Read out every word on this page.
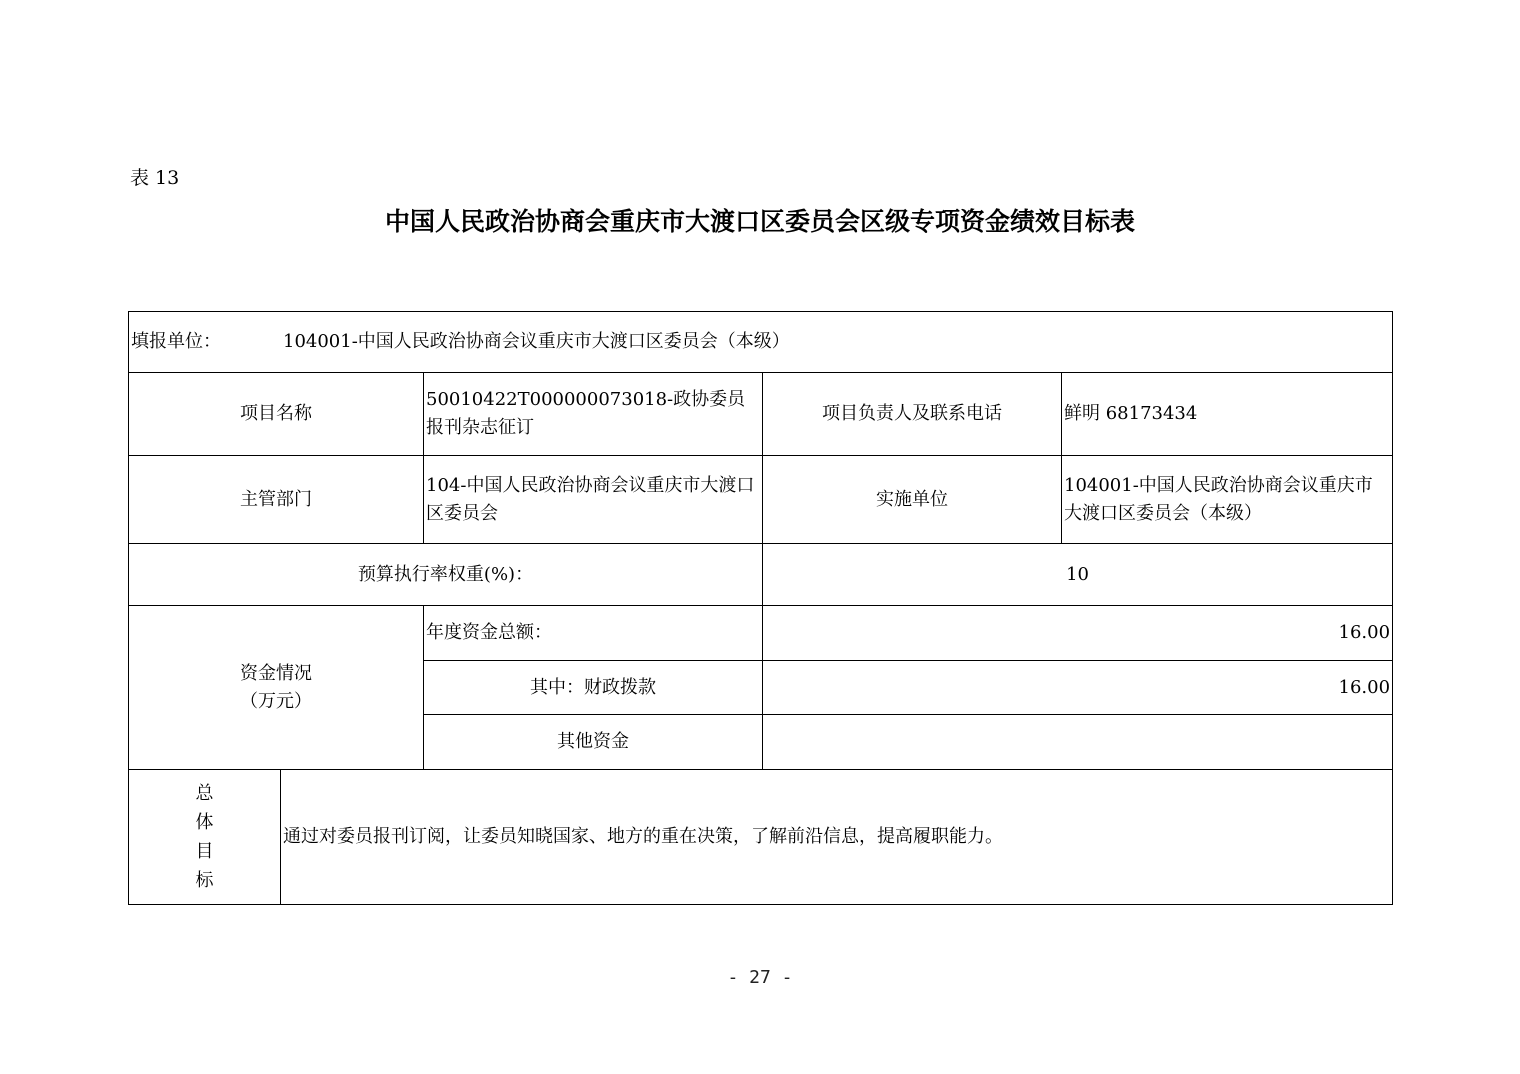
表 13
中国人民政治协商会重庆市大渡口区委员会区级专项资金绩效目标表
填报单位： 104001-中国人民政治协商会议重庆市大渡口区委员会（本级）				
项目名称		50010422T000000073018-政协委员报刊杂志征订	项目负责人及联系电话	鲜明 68173434
主管部门		104-中国人民政治协商会议重庆市大渡口区委员会	实施单位	104001-中国人民政治协商会议重庆市大渡口区委员会（本级）
预算执行率权重(%)：			10	

资金情况
（万元）		年度资金总额：	16.00	
		其中：财政拨款	16.00	
		其他资金		

总
体
目
标	通过对委员报刊订阅，让委员知晓国家、地方的重在决策，了解前沿信息，提高履职能力。			
- 27 -
